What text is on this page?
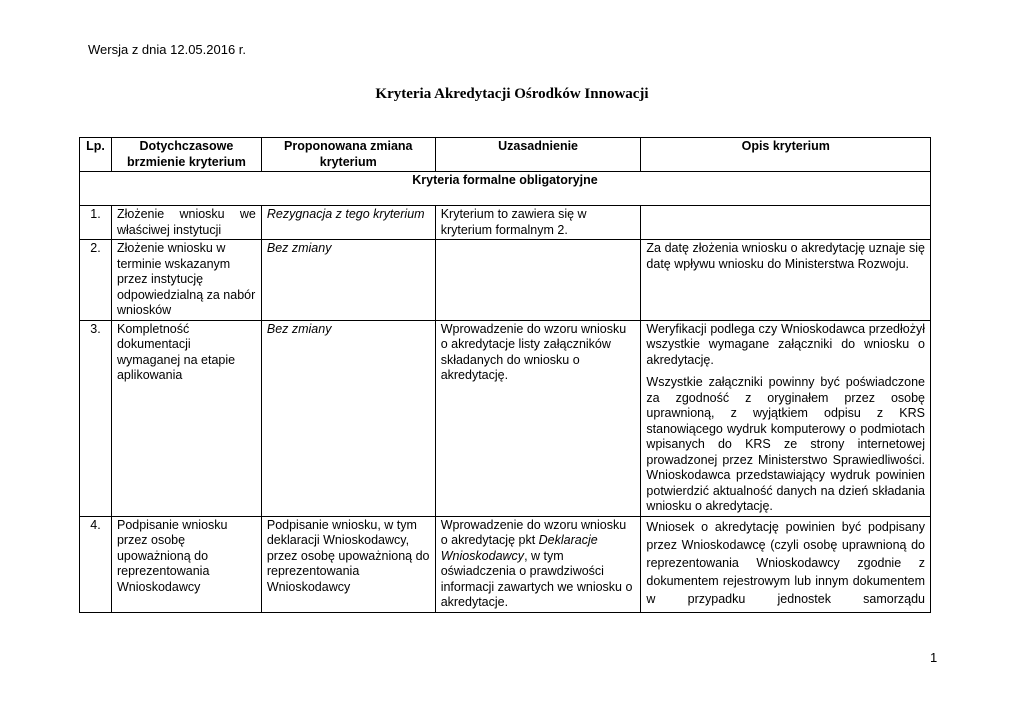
Wersja z dnia 12.05.2016 r.
Kryteria Akredytacji Ośrodków Innowacji
Lp.	Dotychczasowe brzmienie kryterium	Proponowana zmiana kryterium	Uzasadnienie	Opis kryterium
Kryteria formalne obligatoryjne				
1.	Złożenie wniosku we właściwej instytucji	Rezygnacja z tego kryterium	Kryterium to zawiera się w kryterium formalnym 2.	
2.	Złożenie wniosku w terminie wskazanym przez instytucję odpowiedzialną za nabór wniosków	Bez zmiany		Za datę złożenia wniosku o akredytację uznaje się datę wpływu wniosku do Ministerstwa Rozwoju.

3.	Kompletność dokumentacji wymaganej na etapie aplikowania	Bez zmiany	Wprowadzenie do wzoru wniosku o akredytacje listy załączników składanych do wniosku o akredytację.	Weryfikacji podlega czy Wnioskodawca przedłożył wszystkie wymagane załączniki do wniosku o akredytację.

Wszystkie załączniki powinny być poświadczone za zgodność z oryginałem przez osobę uprawnioną, z wyjątkiem odpisu z KRS stanowiącego wydruk komputerowy o podmiotach wpisanych do KRS ze strony internetowej prowadzonej przez Ministerstwo Sprawiedliwości. Wnioskodawca przedstawiający wydruk powinien potwierdzić aktualność danych na dzień składania wniosku o akredytację.

4.	Podpisanie wniosku przez osobę upoważnioną do reprezentowania Wnioskodawcy	Podpisanie wniosku, w tym deklaracji Wnioskodawcy, przez osobę upoważnioną do reprezentowania Wnioskodawcy	Wprowadzenie do wzoru wniosku o akredytację pkt Deklaracje Wnioskodawcy, w tym oświadczenia o prawdziwości informacji zawartych we wniosku o akredytacje.	Wniosek o akredytację powinien być podpisany przez Wnioskodawcę (czyli osobę uprawnioną do reprezentowania Wnioskodawcy zgodnie z dokumentem rejestrowym lub innym dokumentem w przypadku jednostek samorządu

1
